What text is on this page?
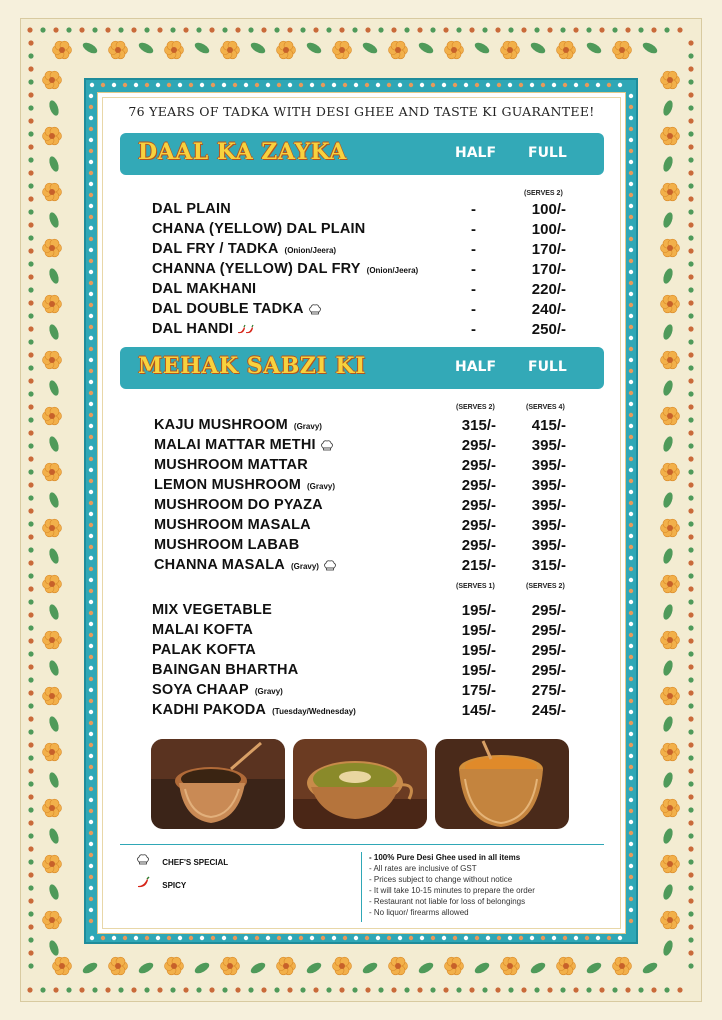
76 YEARS OF TADKA WITH DESI GHEE AND TASTE KI GUARANTEE!
DAAL KA ZAYKA	HALF FULL
(SERVES 2)
DAL PLAIN	-	100/-
CHANA (YELLOW) DAL PLAIN	-	100/-
DAL FRY / TADKA (Onion/Jeera)	-	170/-
CHANNA (YELLOW) DAL FRY (Onion/Jeera)	-	170/-
DAL MAKHANI	-	220/-
DAL DOUBLE TADKA	-	240/-
DAL HANDI	-	250/-
MEHAK SABZI KI	HALF FULL
(SERVES 2)	(SERVES 4)
KAJU MUSHROOM (Gravy)	315/-	415/-
MALAI MATTAR METHI	295/-	395/-
MUSHROOM MATTAR	295/-	395/-
LEMON MUSHROOM (Gravy)	295/-	395/-
MUSHROOM DO PYAZA	295/-	395/-
MUSHROOM MASALA	295/-	395/-
MUSHROOM LABAB	295/-	395/-
CHANNA MASALA (Gravy)	215/-	315/-
(SERVES 1)	(SERVES 2)
MIX VEGETABLE	195/-	295/-
MALAI KOFTA	195/-	295/-
PALAK KOFTA	195/-	295/-
BAINGAN BHARTHA	195/-	295/-
SOYA CHAAP (Gravy)	175/-	275/-
KADHI PAKODA (Tuesday/Wednesday)	145/-	245/-
CHEF'S SPECIAL
SPICY
- 100% Pure Desi Ghee used in all items
- All rates are inclusive of GST
- Prices subject to change without notice
- It will take 10-15 minutes to prepare the order
- Restaurant not liable for loss of belongings
- No liquor/ firearms allowed
